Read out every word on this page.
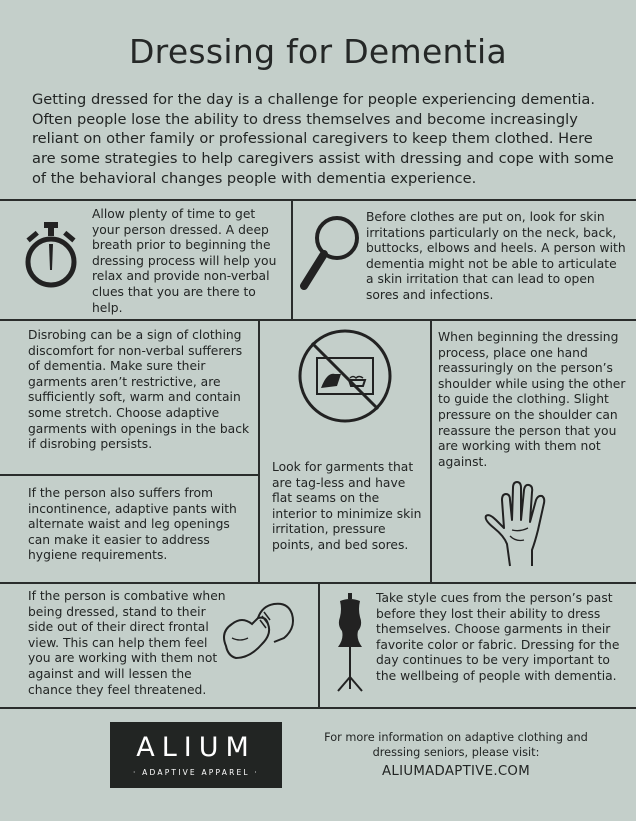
Dressing for Dementia
Getting dressed for the day is a challenge for people experiencing dementia. Often people lose the ability to dress themselves and become increasingly reliant on other family or professional caregivers to keep them clothed. Here are some strategies to help caregivers assist with dressing and cope with some of the behavioral changes people with dementia experience.
Allow plenty of time to get your person dressed. A deep breath prior to beginning the dressing process will help you relax and provide non-verbal clues that you are there to help.
Before clothes are put on, look for skin irritations particularly on the neck, back, buttocks, elbows and heels. A person with dementia might not be able to articulate a skin irritation that can lead to open sores and infections.
Disrobing can be a sign of clothing discomfort for non-verbal sufferers of dementia. Make sure their garments aren’t restrictive, are sufficiently soft, warm and contain some stretch. Choose adaptive garments with openings in the back if disrobing persists.
If the person also suffers from incontinence, adaptive pants with alternate waist and leg openings can make it easier to address hygiene requirements.
Look for garments that are tag-less and have flat seams on the interior to minimize skin irritation, pressure points, and bed sores.
When beginning the dressing process, place one hand reassuringly on the person’s shoulder while using the other to guide the clothing. Slight pressure on the shoulder can reassure the person that you are working with them not against.
If the person is combative when being dressed, stand to their side out of their direct frontal view. This can help them feel you are working with them not against and will lessen the chance they feel threatened.
Take style cues from the person’s past before they lost their ability to dress themselves. Choose garments in their favorite color or fabric. Dressing for the day continues to be very important to the wellbeing of people with dementia.
ALIUM
· ADAPTIVE APPAREL ·
For more information on adaptive clothing and dressing seniors, please visit:
ALIUMADAPTIVE.COM
